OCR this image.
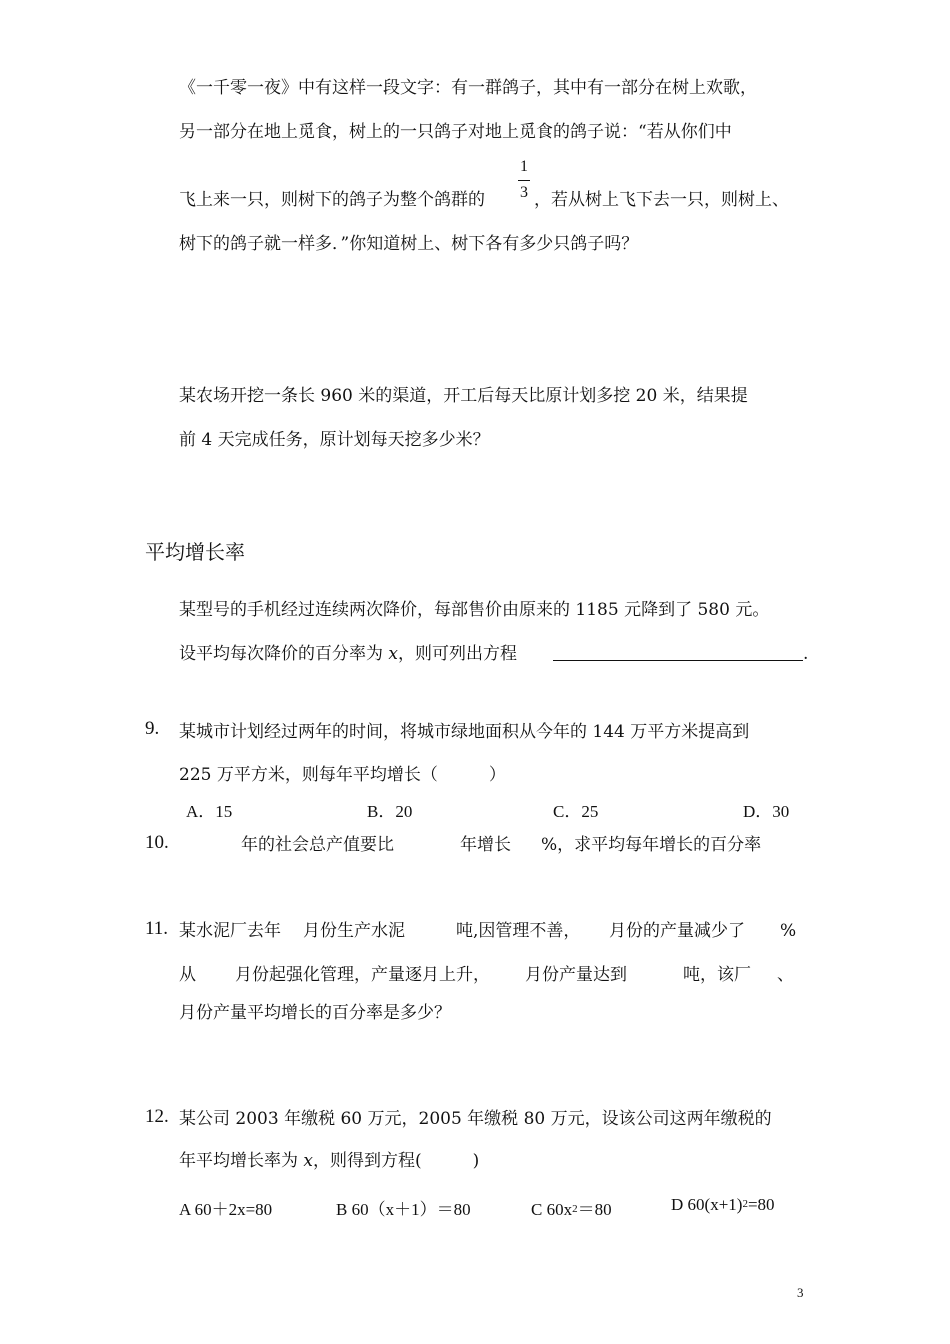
《一千零一夜》中有这样一段文字：有一群鸽子，其中有一部分在树上欢歌，
另一部分在地上觅食，树上的一只鸽子对地上觅食的鸽子说：“若从你们中
飞上来一只，则树下的鸽子为整个鸽群的
1
3 ，若从树上飞下去一只，则树上、
树下的鸽子就一样多．”你知道树上、树下各有多少只鸽子吗？
某农场开挖一条长 960 米的渠道，开工后每天比原计划多挖 20 米，结果提
前 4 天完成任务，原计划每天挖多少米？
平均增长率
某型号的手机经过连续两次降价，每部售价由原来的 1185 元降到了 580 元。
设平均每次降价的百分率为 x，则可列出方程	.
9. 某城市计划经过两年的时间，将城市绿地面积从今年的 144 万平方米提高到
225 万平方米，则每年平均增长（　　　）
A．15	B．20	C．25	D．30
10.	年的社会总产值要比	年增长 %，求平均每年增长的百分率
11. 某水泥厂去年 月份生产水泥	吨,因管理不善， 月份的产量减少了 %
从 月份起强化管理，产量逐月上升， 月份产量达到	吨，该厂 、
月份产量平均增长的百分率是多少？
12. 某公司 2003 年缴税 60 万元，2005 年缴税 80 万元，设该公司这两年缴税的
年平均增长率为 x，则得到方程(　　　)
A 60＋2x=80	B 60（x＋1）＝80	C $60x^2=80$	D $60(x+1)^2=80$
3
